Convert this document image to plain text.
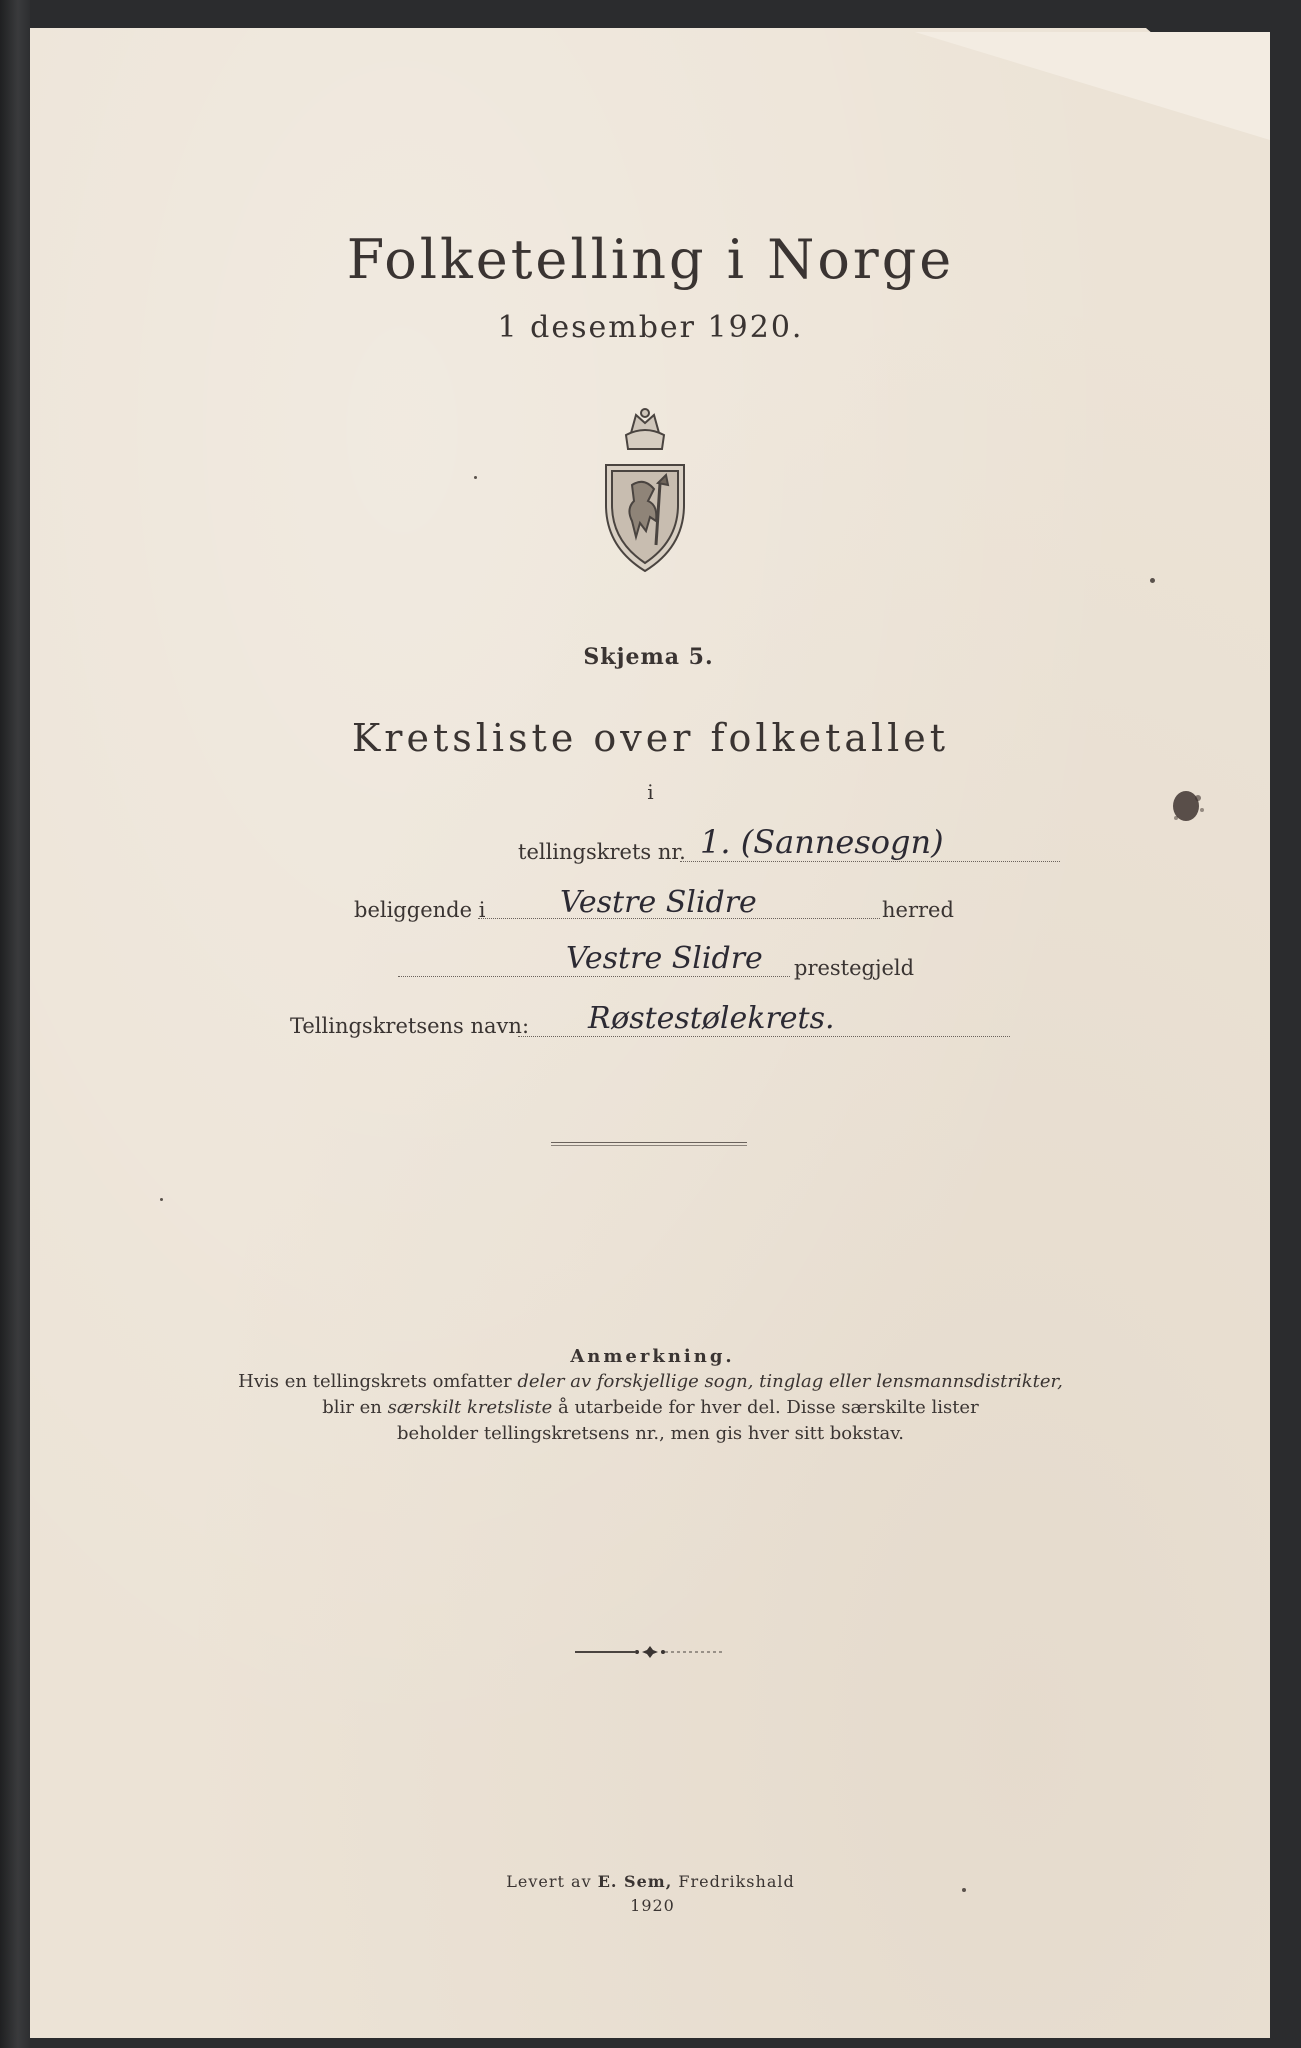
Folketelling i Norge
1 desember 1920.
Skjema 5.
Kretsliste over folketallet
i
tellingskrets nr. 1. (Sannesogn)
beliggende i Vestre Slidre	herred
Vestre Slidre prestegjeld
Tellingskretsens navn: Røstestølekrets.
Anmerkning.
Hvis en tellingskrets omfatter deler av forskjellige sogn, tinglag eller lensmannsdistrikter,
blir en særskilt kretsliste å utarbeide for hver del. Disse særskilte lister
beholder tellingskretsens nr., men gis hver sitt bokstav.
Levert av E. Sem, Fredrikshald
1920
